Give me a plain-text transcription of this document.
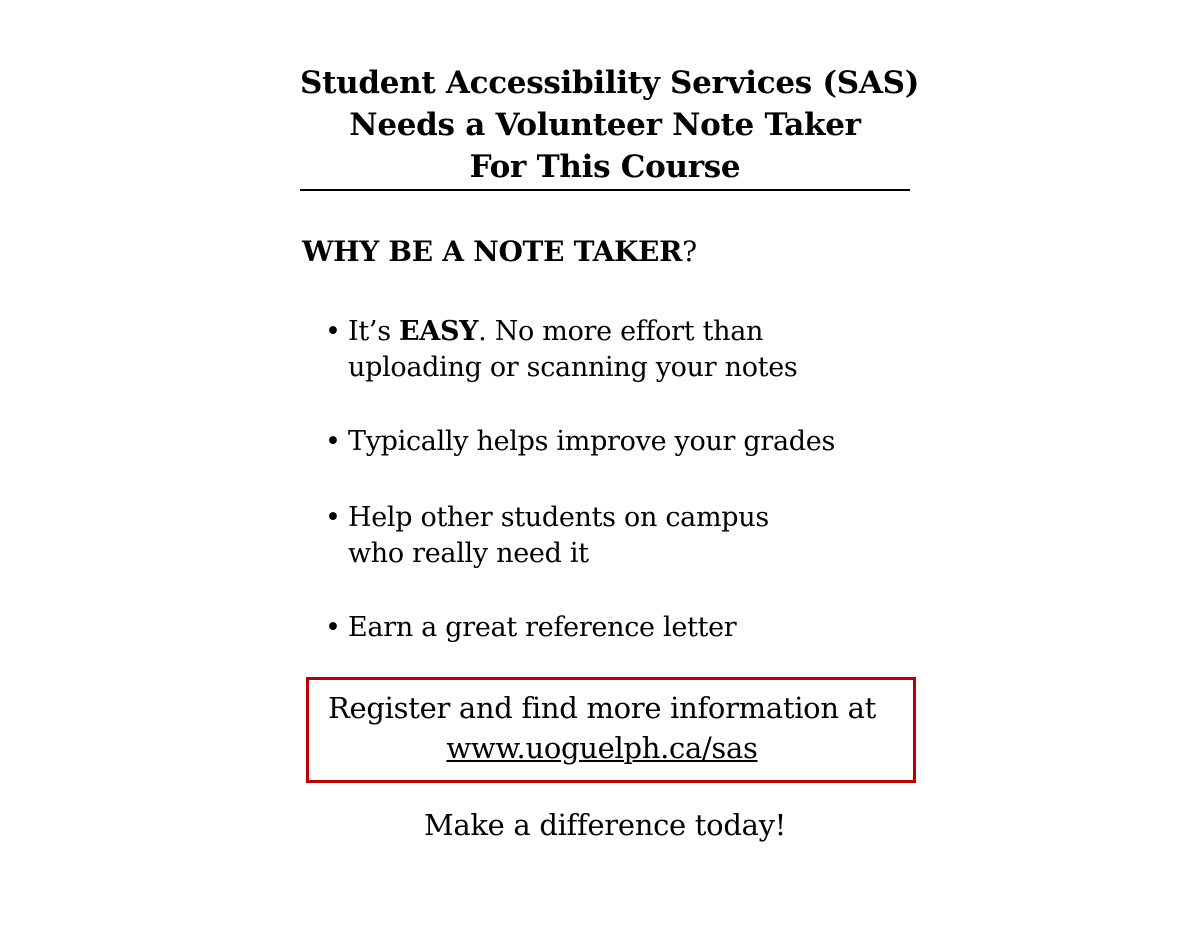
Student Accessibility Services (SAS)
Needs a Volunteer Note Taker
For This Course
WHY BE A NOTE TAKER?
• It’s EASY. No more effort than uploading or scanning your notes
• Typically helps improve your grades
• Help other students on campus who really need it
• Earn a great reference letter
Register and find more information at
www.uoguelph.ca/sas
Make a difference today!
